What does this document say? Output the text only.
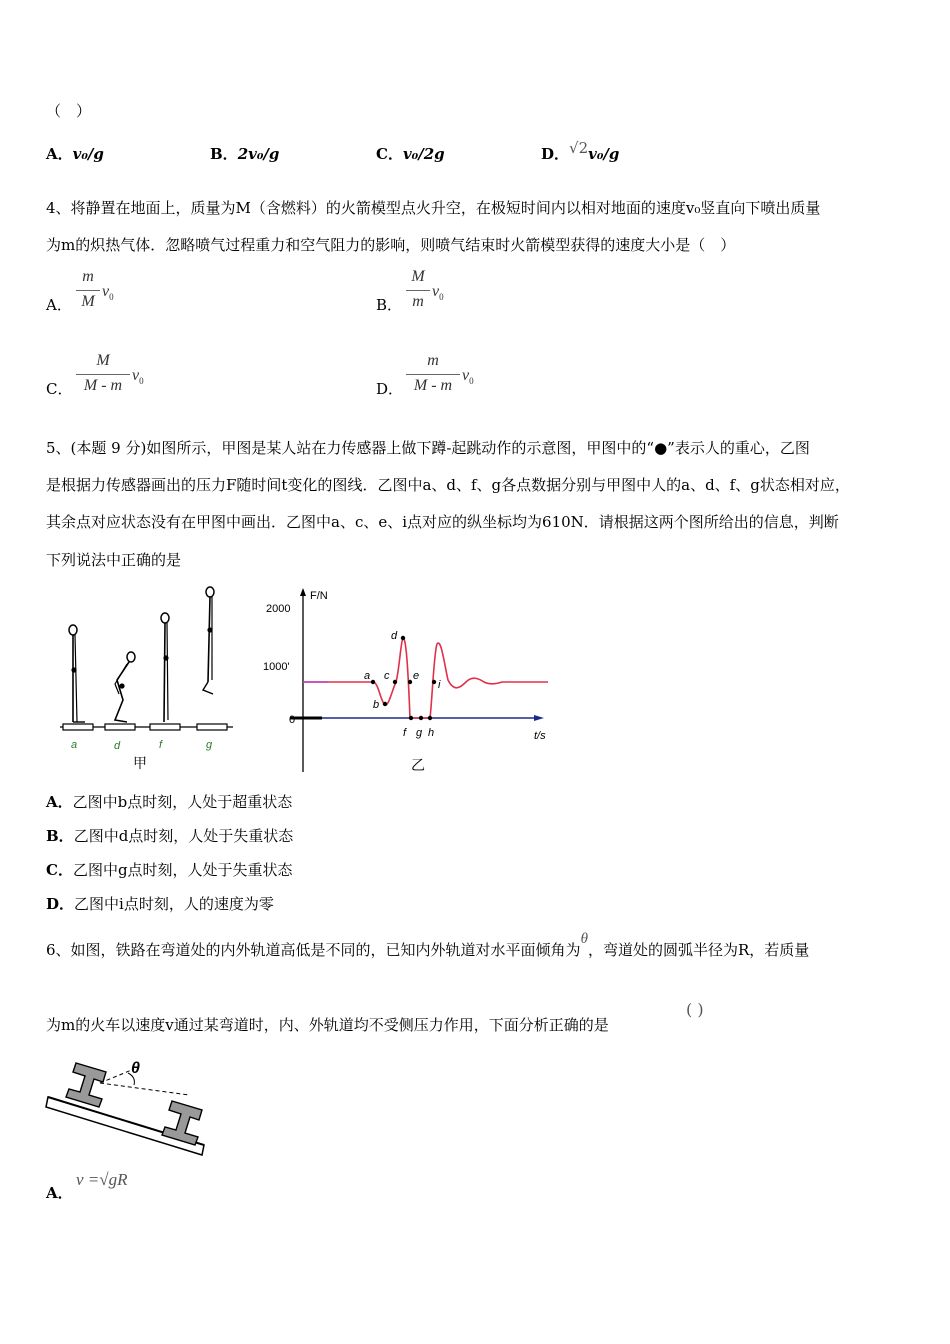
（　）
A．v₀/g	B．2v₀/g	C．v₀/2g	D．√2v₀/g
4、将静置在地面上，质量为M（含燃料）的火箭模型点火升空，在极短时间内以相对地面的速度v₀竖直向下喷出质量
为m的炽热气体．忽略喷气过程重力和空气阻力的影响，则喷气结束时火箭模型获得的速度大小是（　）
A．
m
M
$v_0$	B．
M
m
$v_0$
C．
M
M - m
$v_0$	D．
m
M - m
$v_0$
5、(本题 9 分)如图所示，甲图是某人站在力传感器上做下蹲-起跳动作的示意图，甲图中的“●”表示人的重心，乙图
是根据力传感器画出的压力F随时间t变化的图线．乙图中a、d、f、g各点数据分别与甲图中人的a、d、f、g状态相对应，
其余点对应状态没有在甲图中画出．乙图中a、c、e、i点对应的纵坐标均为610N．请根据这两个图所给出的信息，判断
下列说法中正确的是
a	d	f	g
甲
F/N
2000
1000'
0
t/s
a
b
c
d
e
f g h
i
乙
A．乙图中b点时刻，人处于超重状态
B．乙图中d点时刻，人处于失重状态
C．乙图中g点时刻，人处于失重状态
D．乙图中i点时刻，人的速度为零
6、如图，铁路在弯道处的内外轨道高低是不同的，已知内外轨道对水平面倾角为θ，弯道处的圆弧半径为R，若质量
为m的火车以速度v通过某弯道时，内、外轨道均不受侧压力作用，下面分析正确的是
( )
θ
A．
v =√gR
